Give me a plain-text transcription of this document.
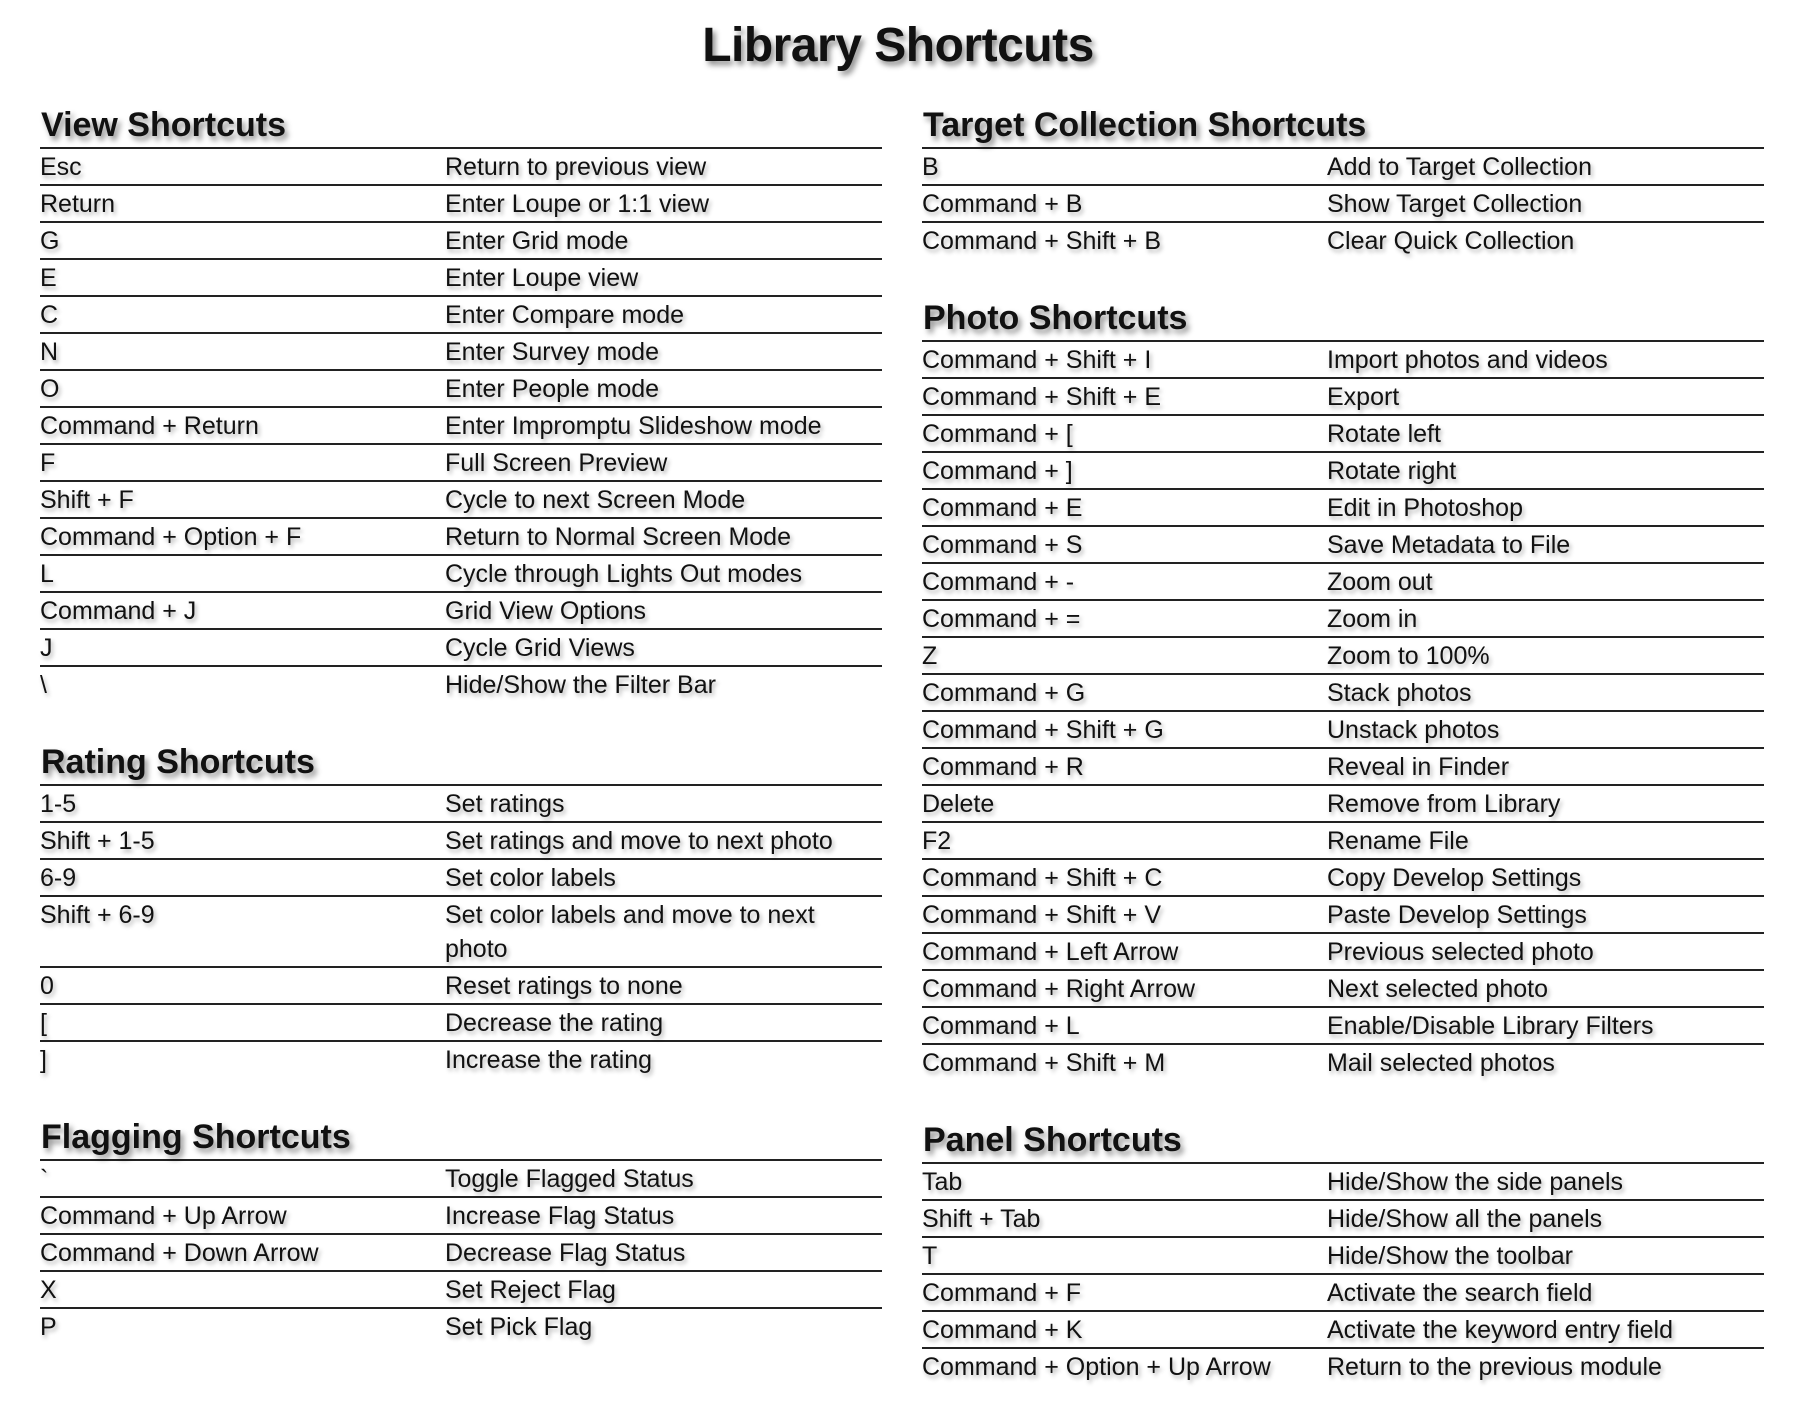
Library Shortcuts
View Shortcuts
Esc	Return to previous view
Return	Enter Loupe or 1:1 view
G	Enter Grid mode
E	Enter Loupe view
C	Enter Compare mode
N	Enter Survey mode
O	Enter People mode
Command + Return	Enter Impromptu Slideshow mode
F	Full Screen Preview
Shift + F	Cycle to next Screen Mode
Command + Option + F	Return to Normal Screen Mode
L	Cycle through Lights Out modes
Command + J	Grid View Options
J	Cycle Grid Views
\	Hide/Show the Filter Bar
Rating Shortcuts
1-5	Set ratings
Shift + 1-5	Set ratings and move to next photo
6-9	Set color labels
Shift + 6-9	Set color labels and move to next photo
0	Reset ratings to none
[	Decrease the rating
]	Increase the rating
Flagging Shortcuts
`	Toggle Flagged Status
Command + Up Arrow	Increase Flag Status
Command + Down Arrow	Decrease Flag Status
X	Set Reject Flag
P	Set Pick Flag
Target Collection Shortcuts
B	Add to Target Collection
Command + B	Show Target Collection
Command + Shift + B	Clear Quick Collection
Photo Shortcuts
Command + Shift + I	Import photos and videos
Command + Shift + E	Export
Command + [	Rotate left
Command + ]	Rotate right
Command + E	Edit in Photoshop
Command + S	Save Metadata to File
Command + -	Zoom out
Command + =	Zoom in
Z	Zoom to 100%
Command + G	Stack photos
Command + Shift + G	Unstack photos
Command + R	Reveal in Finder
Delete	Remove from Library
F2	Rename File
Command + Shift + C	Copy Develop Settings
Command + Shift + V	Paste Develop Settings
Command + Left Arrow	Previous selected photo
Command + Right Arrow	Next selected photo
Command + L	Enable/Disable Library Filters
Command + Shift + M	Mail selected photos
Panel Shortcuts
Tab	Hide/Show the side panels
Shift + Tab	Hide/Show all the panels
T	Hide/Show the toolbar
Command + F	Activate the search field
Command + K	Activate the keyword entry field
Command + Option + Up Arrow	Return to the previous module
